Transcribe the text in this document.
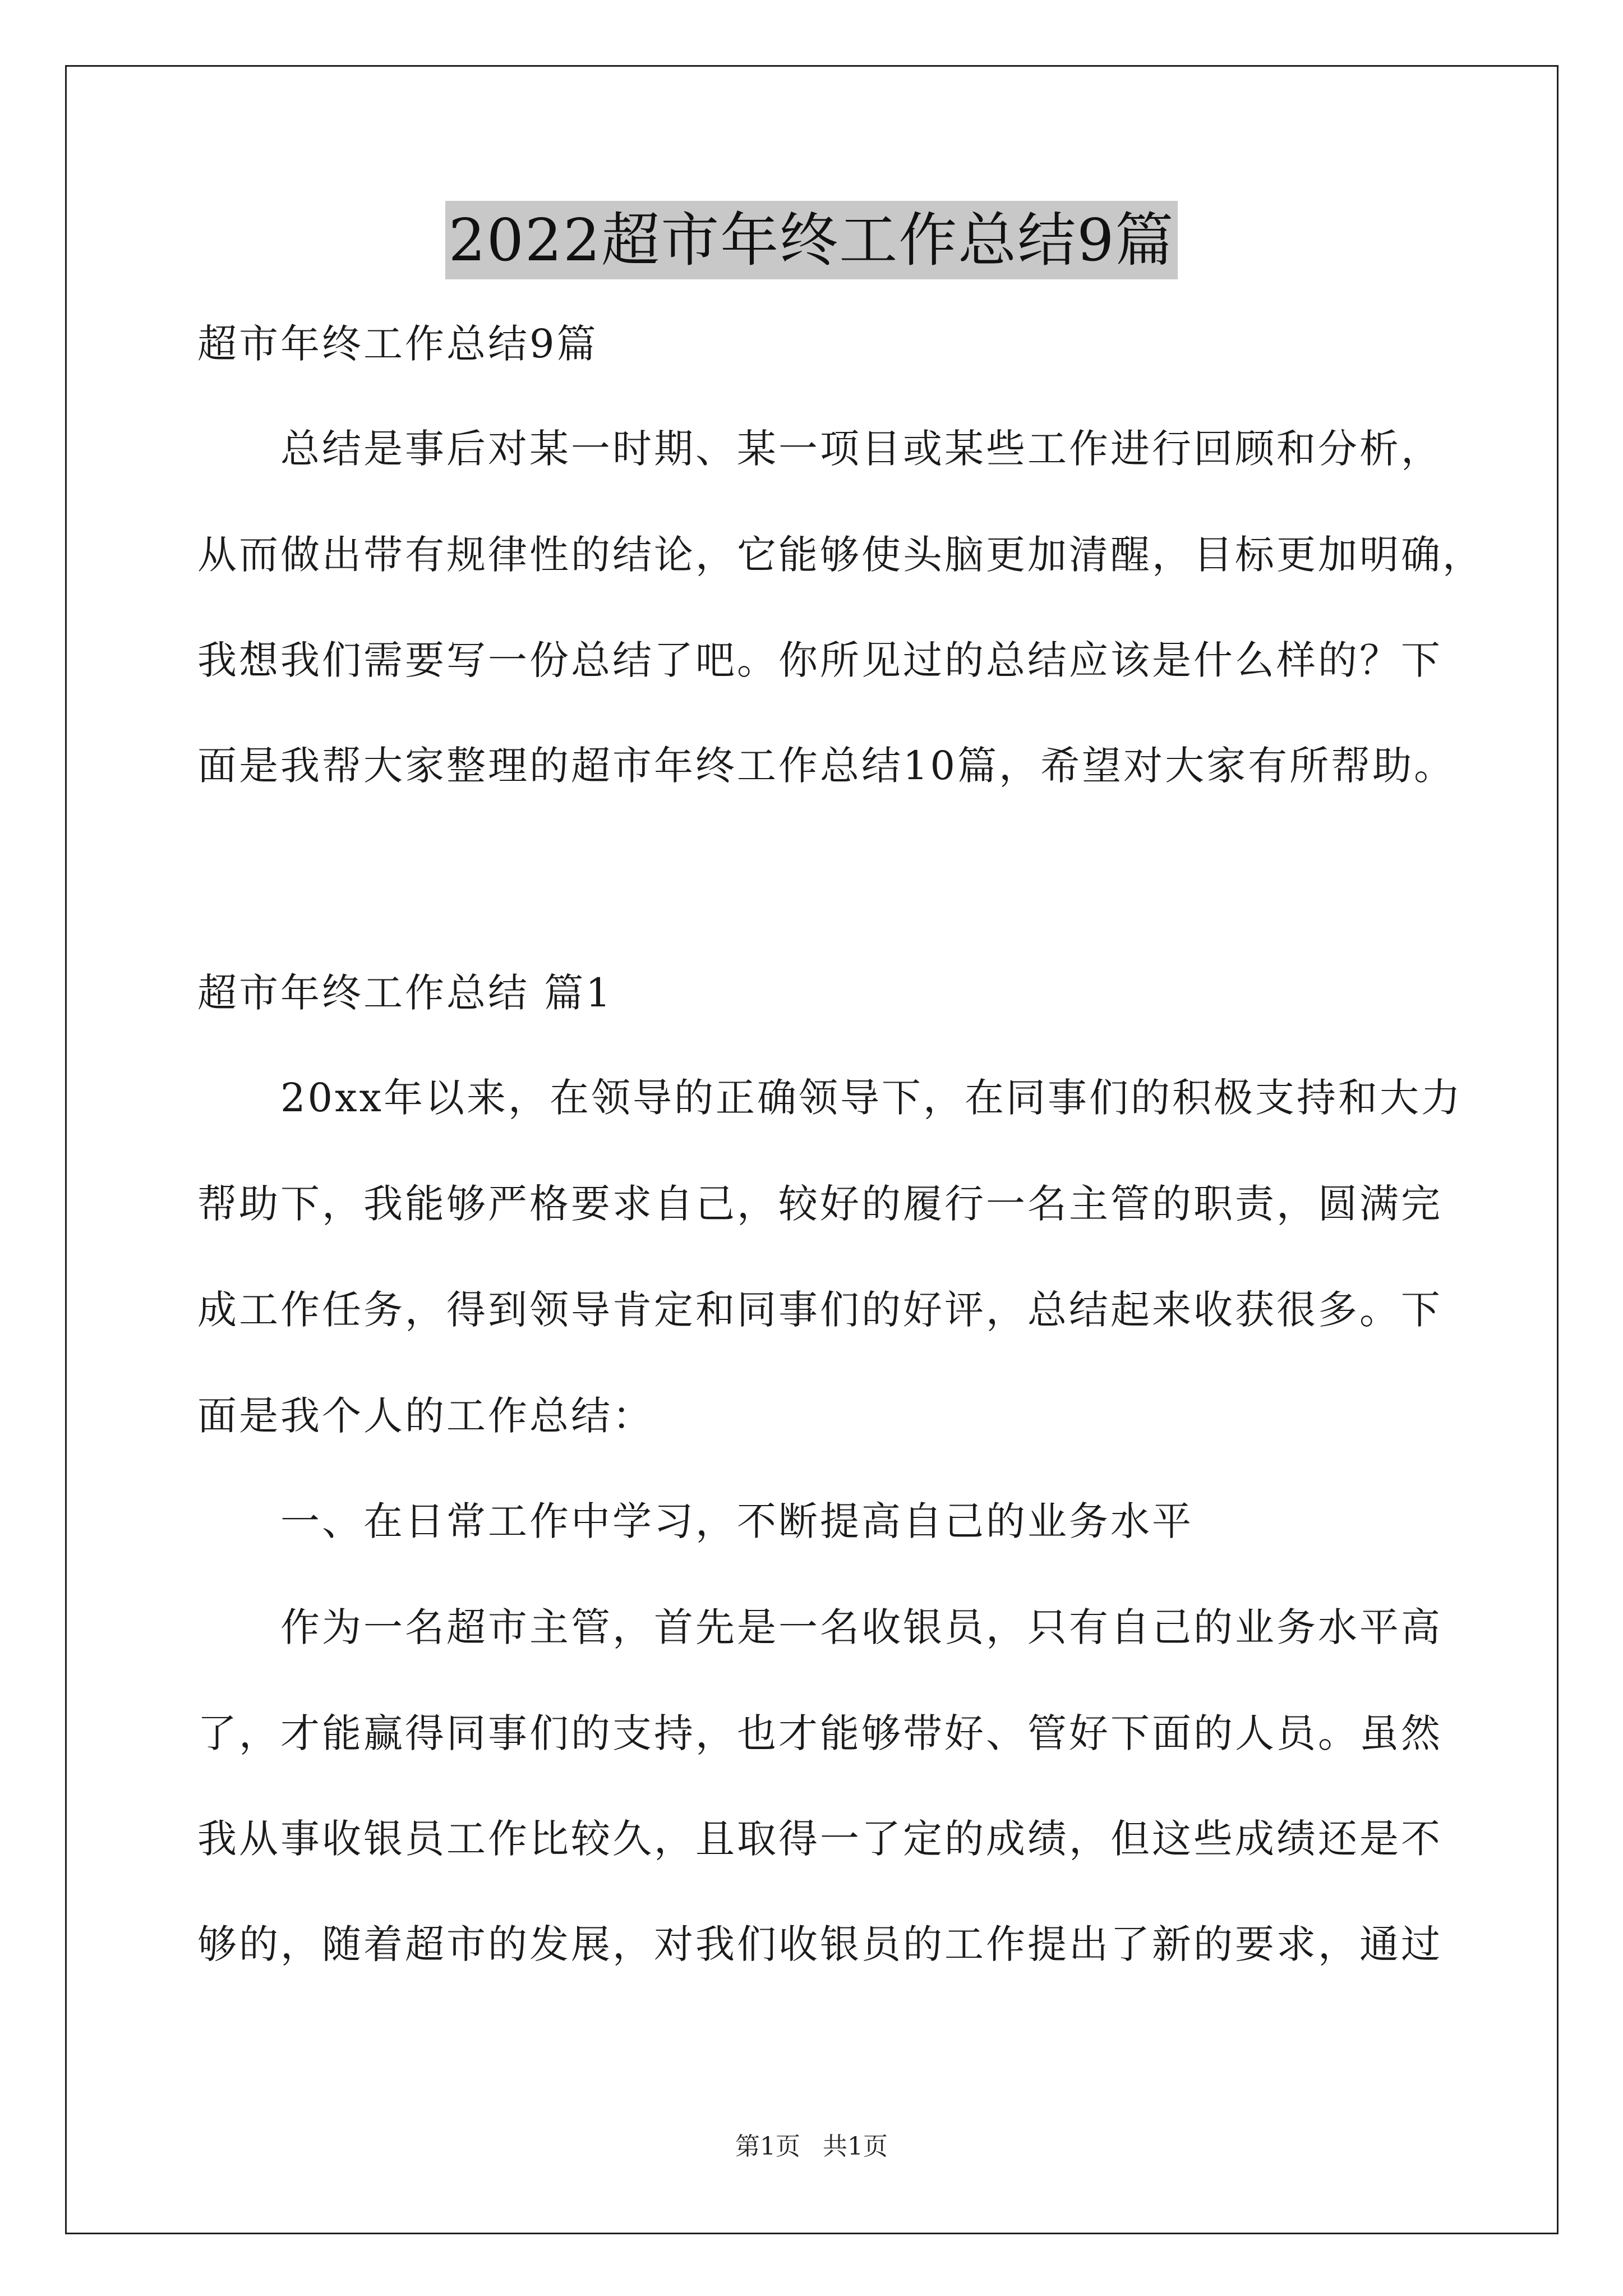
2022超市年终工作总结9篇
超市年终工作总结9篇
总结是事后对某一时期、某一项目或某些工作进行回顾和分析，
从而做出带有规律性的结论，它能够使头脑更加清醒，目标更加明确，
我想我们需要写一份总结了吧。你所见过的总结应该是什么样的？下
面是我帮大家整理的超市年终工作总结10篇，希望对大家有所帮助。
超市年终工作总结 篇1
20xx年以来，在领导的正确领导下，在同事们的积极支持和大力
帮助下，我能够严格要求自己，较好的履行一名主管的职责，圆满完
成工作任务，得到领导肯定和同事们的好评，总结起来收获很多。下
面是我个人的工作总结：
一、在日常工作中学习，不断提高自己的业务水平
作为一名超市主管，首先是一名收银员，只有自己的业务水平高
了，才能赢得同事们的支持，也才能够带好、管好下面的人员。虽然
我从事收银员工作比较久，且取得一了定的成绩，但这些成绩还是不
够的，随着超市的发展，对我们收银员的工作提出了新的要求，通过
第1页 共1页
